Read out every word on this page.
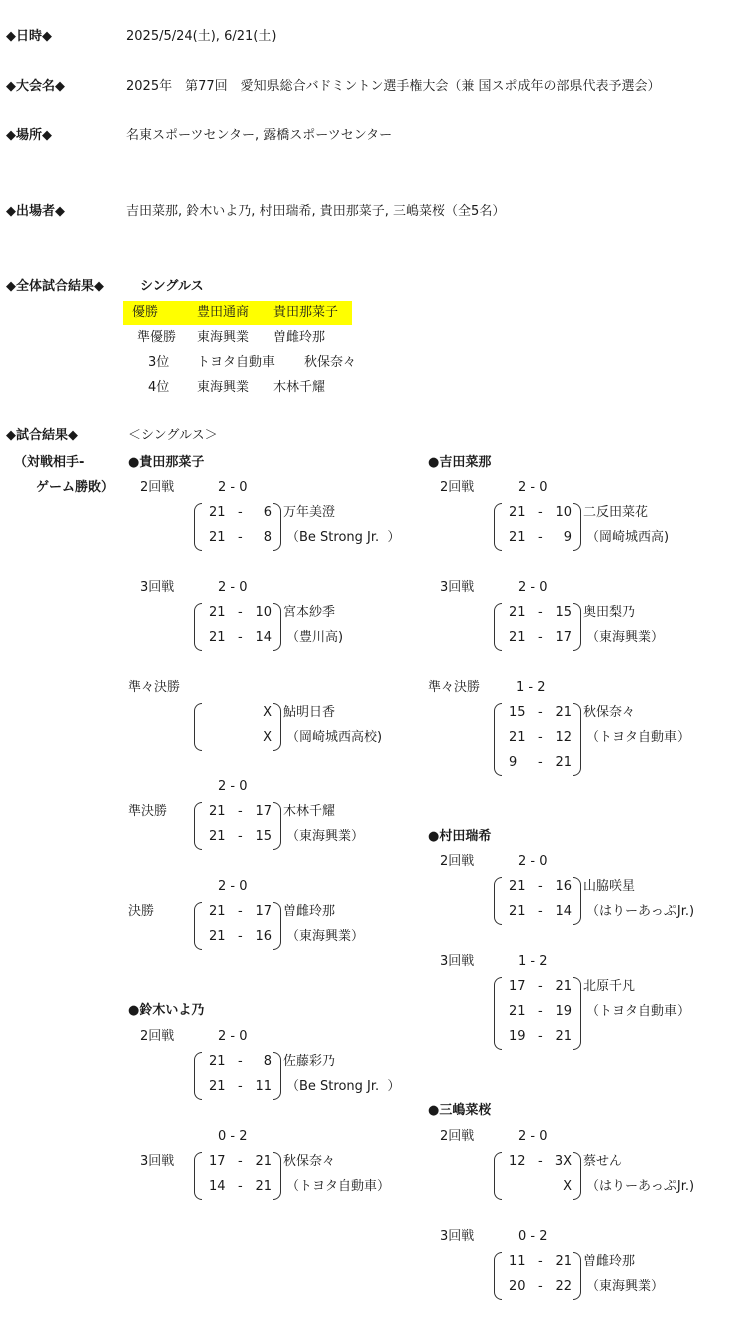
◆日時◆	2025/5/24(土), 6/21(土)
◆大会名◆	2025年　第77回　愛知県総合バドミントン選手権大会（兼 国スポ成年の部県代表予選会）
◆場所◆	名東スポーツセンター, 露橋スポーツセンター
◆出場者◆	吉田菜那, 鈴木いよ乃, 村田瑞希, 貴田那菜子, 三嶋菜桜（全5名）
◆全体試合結果◆	シングルス
優勝	豊田通商 貴田那菜子
準優勝 東海興業 曽雌玲那
3位 トヨタ自動車 秋保奈々
4位 東海興業 木林千耀
◆試合結果◆
（対戦相手-
ゲーム勝敗）
＜シングルス＞
●貴田那菜子
2回戦	2 - 0
21 -	6
21 -	8
万年美澄
（Be Strong Jr.  ）
3回戦	2 - 0
21 - 10
21 - 14
宮本紗季
（豊川高)
準々決勝
X
X
鮎明日香
（岡崎城西高校)
準決勝
2 - 0
21 - 17
21 - 15
木林千耀
（東海興業）
決勝
2 - 0
21 - 17
21 - 16
曽雌玲那
（東海興業）
●鈴木いよ乃
2回戦	2 - 0
21 -	8
21 - 11
佐藤彩乃
（Be Strong Jr.  ）
3回戦
0 - 2
17 - 21
14 - 21
秋保奈々
（トヨタ自動車）
●吉田菜那
2回戦	2 - 0
21 - 10
21 -	9
二反田菜花
（岡崎城西高)
3回戦	2 - 0
21 - 15
21 - 17
奥田梨乃
（東海興業）
準々決勝	1 - 2
15 - 21
21 - 12
9	- 21
秋保奈々
（トヨタ自動車）
●村田瑞希
2回戦	2 - 0
21 - 16
21 - 14
山脇咲星
（はりーあっぷJr.)
3回戦	1 - 2
17 - 21
21 - 19
19 - 21
北原千凡
（トヨタ自動車）
●三嶋菜桜
2回戦	2 - 0
12 - 3X
X
蔡せん
（はりーあっぷJr.)
3回戦	0 - 2
11 - 21
20 - 22
曽雌玲那
（東海興業）
